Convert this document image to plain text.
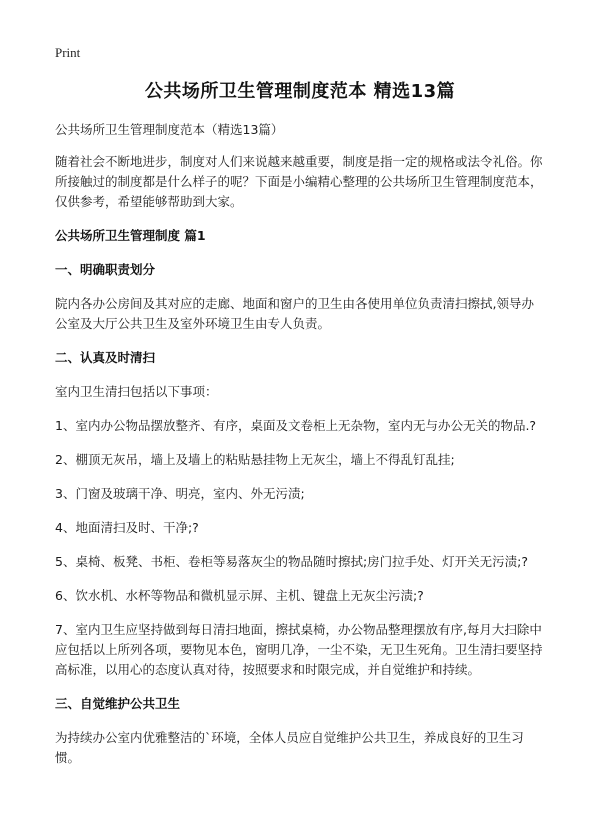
Print
公共场所卫生管理制度范本 精选13篇

公共场所卫生管理制度范本（精选13篇）

随着社会不断地进步，制度对人们来说越来越重要，制度是指一定的规格或法令礼俗。你所接触过的制度都是什么样子的呢？下面是小编精心整理的公共场所卫生管理制度范本，仅供参考，希望能够帮助到大家。

公共场所卫生管理制度 篇1

一、明确职责划分

院内各办公房间及其对应的走廊、地面和窗户的卫生由各使用单位负责清扫擦拭,领导办公室及大厅公共卫生及室外环境卫生由专人负责。

二、认真及时清扫

室内卫生清扫包括以下事项：

1、室内办公物品摆放整齐、有序，桌面及文卷柜上无杂物，室内无与办公无关的物品.?

2、棚顶无灰吊，墙上及墙上的粘贴悬挂物上无灰尘，墙上不得乱钉乱挂;

3、门窗及玻璃干净、明亮，室内、外无污渍;

4、地面清扫及时、干净;?

5、桌椅、板凳、书柜、卷柜等易落灰尘的物品随时擦拭;房门拉手处、灯开关无污渍;?

6、饮水机、水杯等物品和微机显示屏、主机、键盘上无灰尘污渍;?

7、室内卫生应坚持做到每日清扫地面，擦拭桌椅，办公物品整理摆放有序,每月大扫除中应包括以上所列各项，要物见本色，窗明几净，一尘不染，无卫生死角。卫生清扫要坚持高标准，以用心的态度认真对待，按照要求和时限完成，并自觉维护和持续。

三、自觉维护公共卫生

为持续办公室内优雅整洁的`环境，全体人员应自觉维护公共卫生，养成良好的卫生习惯。
